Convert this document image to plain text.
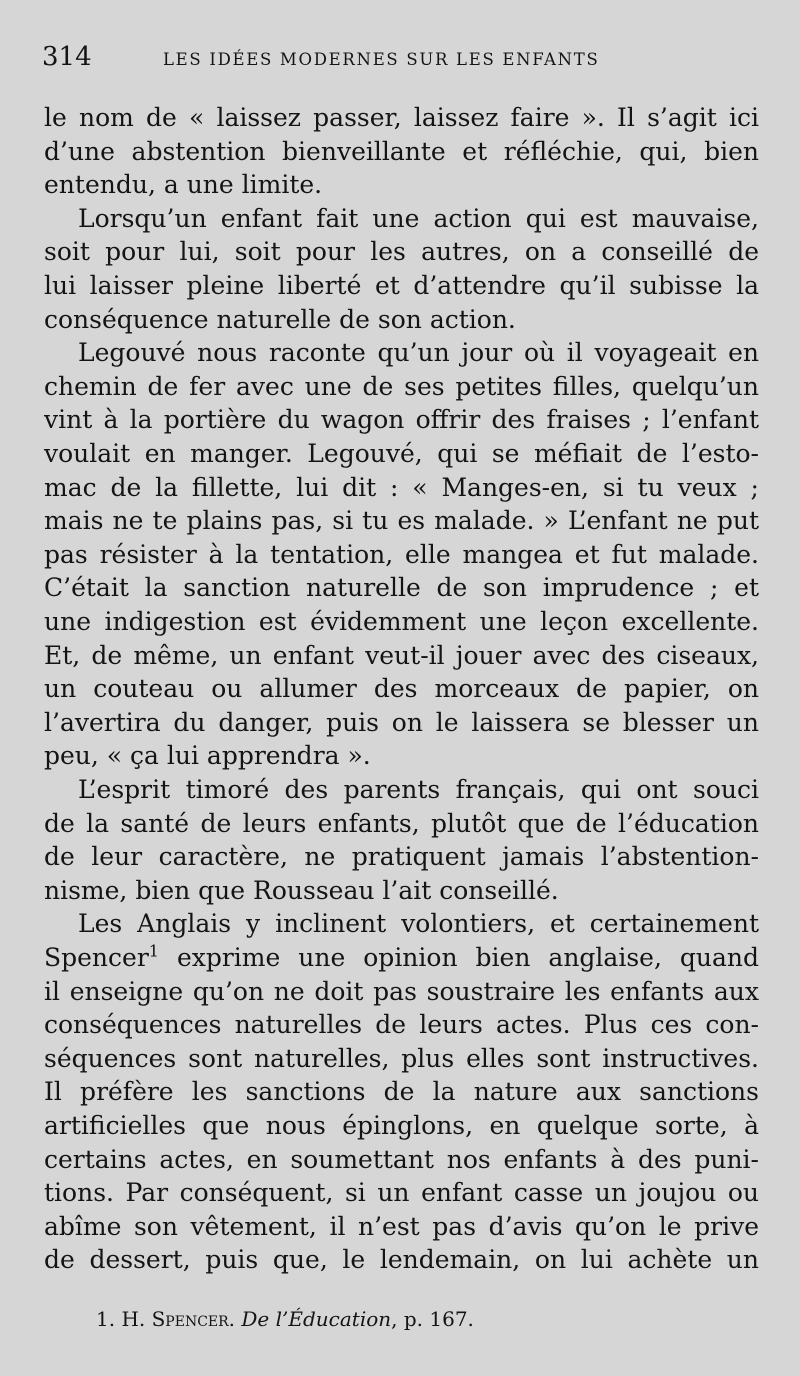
314	LES IDÉES MODERNES SUR LES ENFANTS
le nom de « laissez passer, laissez faire ». Il s’agit ici
d’une abstention bienveillante et réfléchie, qui, bien
entendu, a une limite.
Lorsqu’un enfant fait une action qui est mauvaise,
soit pour lui, soit pour les autres, on a conseillé de
lui laisser pleine liberté et d’attendre qu’il subisse la
conséquence naturelle de son action.
Legouvé nous raconte qu’un jour où il voyageait en
chemin de fer avec une de ses petites filles, quelqu’un
vint à la portière du wagon offrir des fraises ; l’enfant
voulait en manger. Legouvé, qui se méfiait de l’esto-
mac de la fillette, lui dit : « Manges-en, si tu veux ;
mais ne te plains pas, si tu es malade. » L’enfant ne put
pas résister à la tentation, elle mangea et fut malade.
C’était la sanction naturelle de son imprudence ; et
une indigestion est évidemment une leçon excellente.
Et, de même, un enfant veut-il jouer avec des ciseaux,
un couteau ou allumer des morceaux de papier, on
l’avertira du danger, puis on le laissera se blesser un
peu, « ça lui apprendra ».
L’esprit timoré des parents français, qui ont souci
de la santé de leurs enfants, plutôt que de l’éducation
de leur caractère, ne pratiquent jamais l’abstention-
nisme, bien que Rousseau l’ait conseillé.
Les Anglais y inclinent volontiers, et certainement
Spencer$^1$ exprime une opinion bien anglaise, quand
il enseigne qu’on ne doit pas soustraire les enfants aux
conséquences naturelles de leurs actes. Plus ces con-
séquences sont naturelles, plus elles sont instructives.
Il préfère les sanctions de la nature aux sanctions
artificielles que nous épinglons, en quelque sorte, à
certains actes, en soumettant nos enfants à des puni-
tions. Par conséquent, si un enfant casse un joujou ou
abîme son vêtement, il n’est pas d’avis qu’on le prive
de dessert, puis que, le lendemain, on lui achète un
1. H. Spencer. De l’Éducation, p. 167.
